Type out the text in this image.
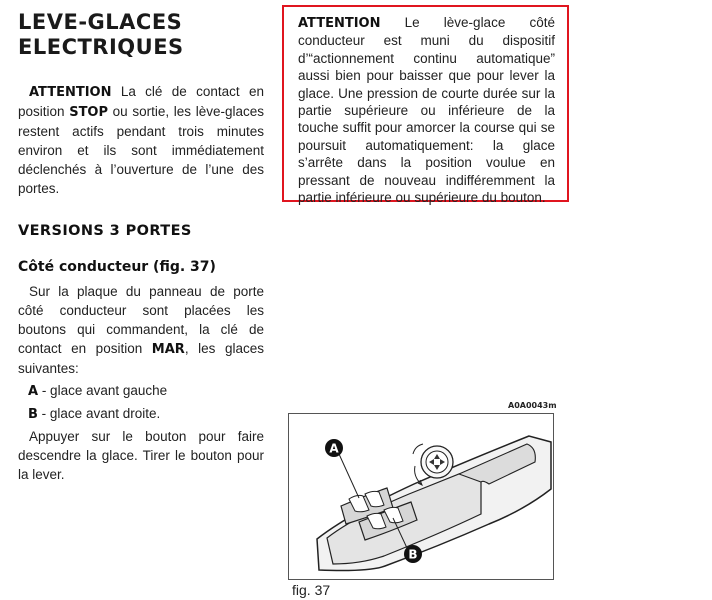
LEVE-GLACES
ELECTRIQUES

ATTENTION La clé de contact en position STOP ou sortie, les lève-glaces restent actifs pendant trois minutes environ et ils sont immédiatement déclenchés à l’ouverture de l’une des portes.

VERSIONS 3 PORTES
Côté conducteur (fig. 37)

Sur la plaque du panneau de porte côté conducteur sont placées les boutons qui commandent, la clé de contact en position MAR, les glaces suivantes:

A - glace avant gauche

B - glace avant droite.

Appuyer sur le bouton pour faire descendre la glace. Tirer le bouton pour la lever.

ATTENTION Le lève-glace côté conducteur est muni du dispositif d’“actionnement continu automatique” aussi bien pour baisser que pour lever la glace. Une pression de courte durée sur la partie supérieure ou inférieure de la touche suffit pour amorcer la course qui se poursuit automatiquement: la glace s’arrête dans la position voulue en pressant de nouveau indifféremment la partie inférieure ou supérieure du bouton.
A0A0043m
A
B
fig. 37
